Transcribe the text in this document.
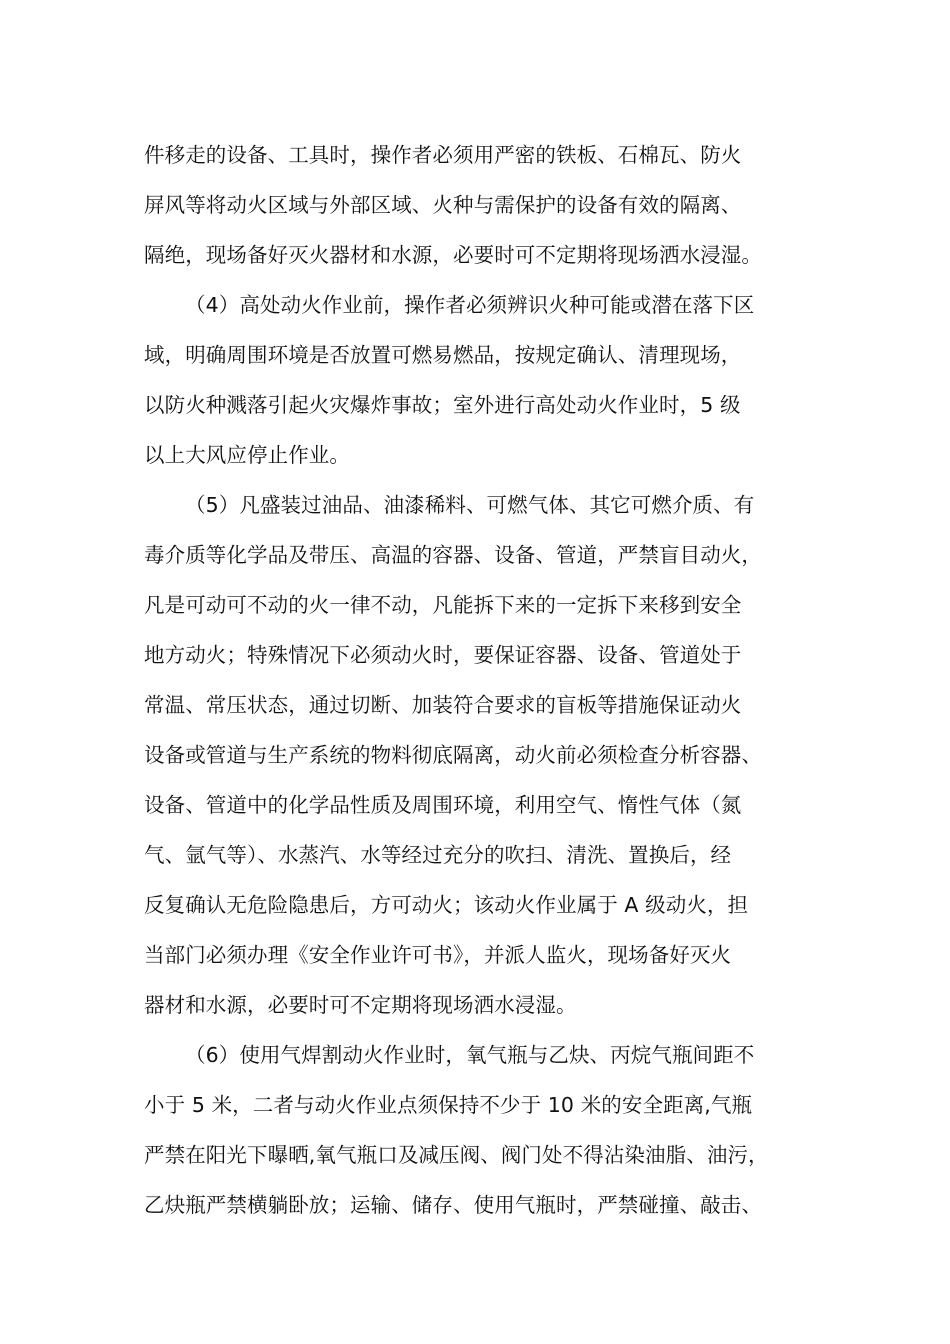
件移走的设备、工具时，操作者必须用严密的铁板、石棉瓦、防火
屏风等将动火区域与外部区域、火种与需保护的设备有效的隔离、
隔绝，现场备好灭火器材和水源，必要时可不定期将现场洒水浸湿。
（4）高处动火作业前，操作者必须辨识火种可能或潜在落下区
域，明确周围环境是否放置可燃易燃品，按规定确认、清理现场，
以防火种溅落引起火灾爆炸事故；室外进行高处动火作业时，5 级
以上大风应停止作业。
（5）凡盛装过油品、油漆稀料、可燃气体、其它可燃介质、有
毒介质等化学品及带压、高温的容器、设备、管道，严禁盲目动火，
凡是可动可不动的火一律不动，凡能拆下来的一定拆下来移到安全
地方动火；特殊情况下必须动火时，要保证容器、设备、管道处于
常温、常压状态，通过切断、加装符合要求的盲板等措施保证动火
设备或管道与生产系统的物料彻底隔离，动火前必须检查分析容器、
设备、管道中的化学品性质及周围环境，利用空气、惰性气体（氮
气、氩气等）、水蒸汽、水等经过充分的吹扫、清洗、置换后，经
反复确认无危险隐患后，方可动火；该动火作业属于 A 级动火，担
当部门必须办理《安全作业许可书》，并派人监火，现场备好灭火
器材和水源，必要时可不定期将现场洒水浸湿。
（6）使用气焊割动火作业时，氧气瓶与乙炔、丙烷气瓶间距不
小于 5 米，二者与动火作业点须保持不少于 10 米的安全距离,气瓶
严禁在阳光下曝晒,氧气瓶口及减压阀、阀门处不得沾染油脂、油污，
乙炔瓶严禁横躺卧放；运输、储存、使用气瓶时，严禁碰撞、敲击、
